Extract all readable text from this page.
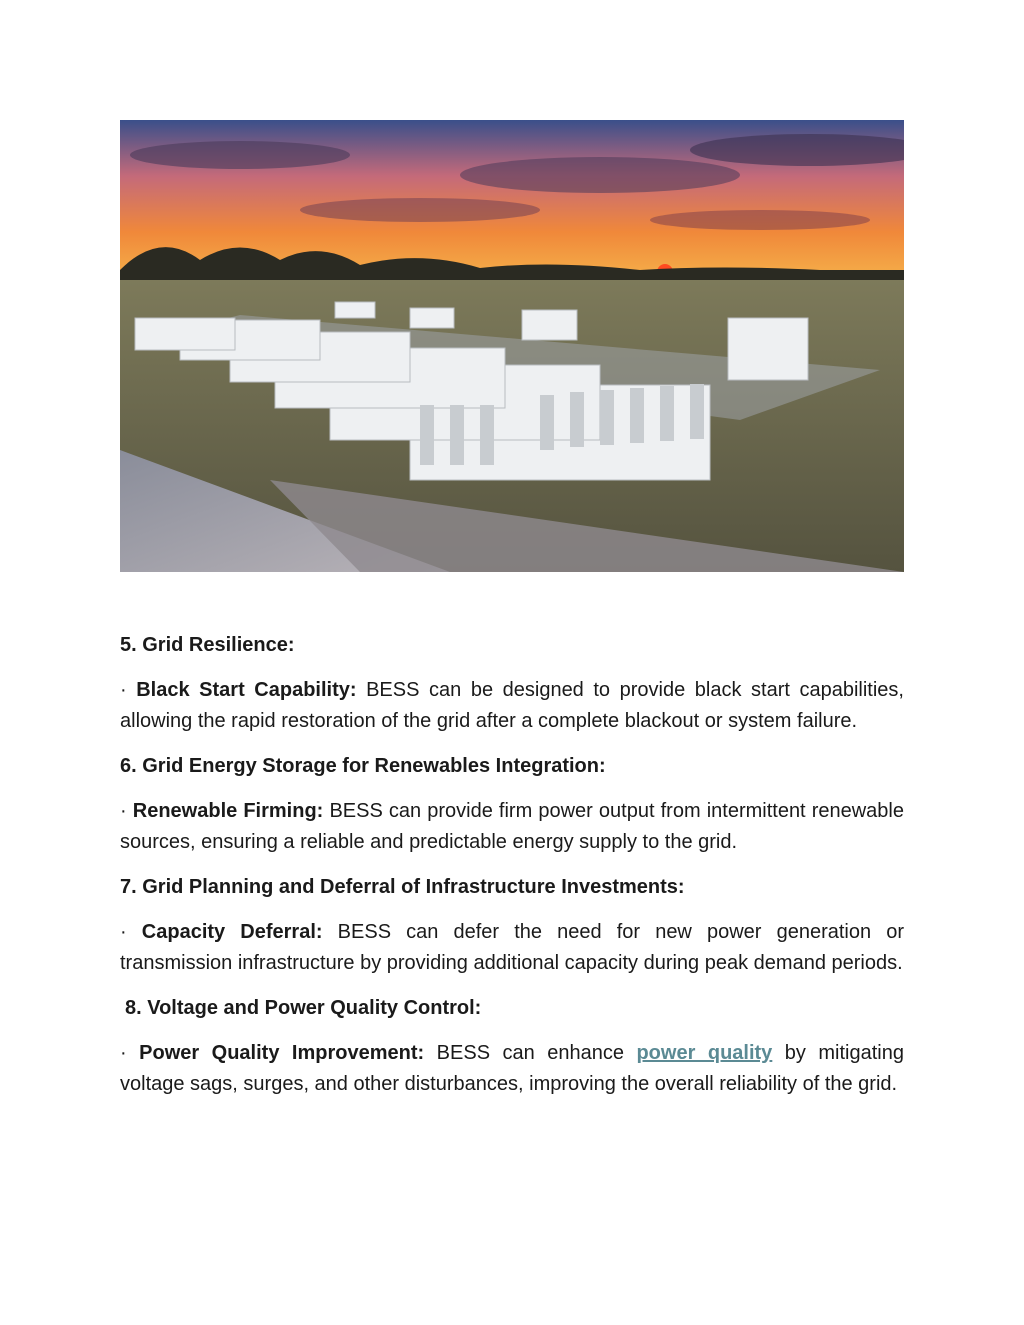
5. Grid Resilience:

· Black Start Capability: BESS can be designed to provide black start capabilities, allowing the rapid restoration of the grid after a complete blackout or system failure.

6. Grid Energy Storage for Renewables Integration:

· Renewable Firming: BESS can provide firm power output from intermittent renewable sources, ensuring a reliable and predictable energy supply to the grid.

7. Grid Planning and Deferral of Infrastructure Investments:

· Capacity Deferral: BESS can defer the need for new power generation or transmission infrastructure by providing additional capacity during peak demand periods.

8. Voltage and Power Quality Control:

· Power Quality Improvement: BESS can enhance power quality by mitigating voltage sags, surges, and other disturbances, improving the overall reliability of the grid.
